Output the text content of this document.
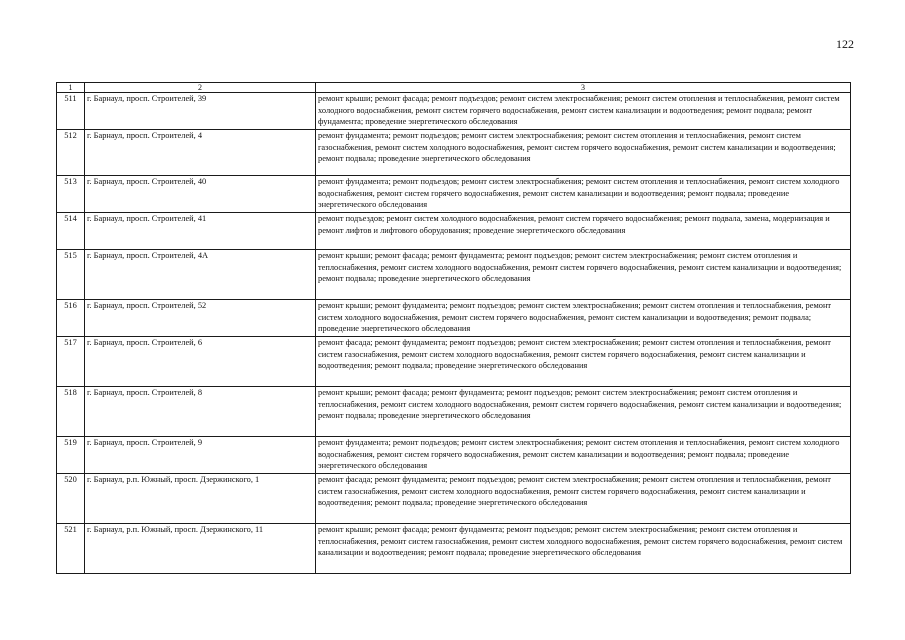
122
1	2	3
511	г. Барнаул, просп. Строителей, 39	ремонт крыши; ремонт фасада; ремонт подъездов; ремонт систем электроснабжения; ремонт систем отопления и теплоснабжения, ремонт систем холодного водоснабжения, ремонт систем горячего водоснабжения, ремонт систем канализации и водоотведения; ремонт подвала; ремонт фундамента; проведение энергетического обследования
512	г. Барнаул, просп. Строителей, 4	ремонт фундамента; ремонт подъездов; ремонт систем электроснабжения; ремонт систем отопления и теплоснабжения, ремонт систем газоснабжения, ремонт систем холодного водоснабжения, ремонт систем горячего водоснабжения, ремонт систем канализации и водоотведения; ремонт подвала; проведение энергетического обследования
513	г. Барнаул, просп. Строителей, 40	ремонт фундамента; ремонт подъездов; ремонт систем электроснабжения; ремонт систем отопления и теплоснабжения, ремонт систем холодного водоснабжения, ремонт систем горячего водоснабжения, ремонт систем канализации и водоотведения; ремонт подвала; проведение энергетического обследования
514	г. Барнаул, просп. Строителей, 41	ремонт подъездов; ремонт систем холодного водоснабжения, ремонт систем горячего водоснабжения; ремонт подвала, замена, модернизация и ремонт лифтов и лифтового оборудования; проведение энергетического обследования
515	г. Барнаул, просп. Строителей, 4А	ремонт крыши; ремонт фасада; ремонт фундамента; ремонт подъездов; ремонт систем электроснабжения; ремонт систем отопления и теплоснабжения, ремонт систем холодного водоснабжения, ремонт систем горячего водоснабжения, ремонт систем канализации и водоотведения; ремонт подвала; проведение энергетического обследования
516	г. Барнаул, просп. Строителей, 52	ремонт крыши; ремонт фундамента; ремонт подъездов; ремонт систем электроснабжения; ремонт систем отопления и теплоснабжения, ремонт систем холодного водоснабжения, ремонт систем горячего водоснабжения, ремонт систем канализации и водоотведения; ремонт подвала; проведение энергетического обследования
517	г. Барнаул, просп. Строителей, 6	ремонт фасада; ремонт фундамента; ремонт подъездов; ремонт систем электроснабжения; ремонт систем отопления и теплоснабжения, ремонт систем газоснабжения, ремонт систем холодного водоснабжения, ремонт систем горячего водоснабжения, ремонт систем канализации и водоотведения; ремонт подвала; проведение энергетического обследования
518	г. Барнаул, просп. Строителей, 8	ремонт крыши; ремонт фасада; ремонт фундамента; ремонт подъездов; ремонт систем электроснабжения; ремонт систем отопления и теплоснабжения, ремонт систем холодного водоснабжения, ремонт систем горячего водоснабжения, ремонт систем канализации и водоотведения; ремонт подвала; проведение энергетического обследования
519	г. Барнаул, просп. Строителей, 9	ремонт фундамента; ремонт подъездов; ремонт систем электроснабжения; ремонт систем отопления и теплоснабжения, ремонт систем холодного водоснабжения, ремонт систем горячего водоснабжения, ремонт систем канализации и водоотведения; ремонт подвала; проведение энергетического обследования
520	г. Барнаул, р.п. Южный, просп. Дзержинского, 1	ремонт фасада; ремонт фундамента; ремонт подъездов; ремонт систем электроснабжения; ремонт систем отопления и теплоснабжения, ремонт систем газоснабжения, ремонт систем холодного водоснабжения, ремонт систем горячего водоснабжения, ремонт систем канализации и водоотведения; ремонт подвала; проведение энергетического обследования
521	г. Барнаул, р.п. Южный, просп. Дзержинского, 11	ремонт крыши; ремонт фасада; ремонт фундамента; ремонт подъездов; ремонт систем электроснабжения; ремонт систем отопления и теплоснабжения, ремонт систем газоснабжения, ремонт систем холодного водоснабжения, ремонт систем горячего водоснабжения, ремонт систем канализации и водоотведения; ремонт подвала; проведение энергетического обследования
